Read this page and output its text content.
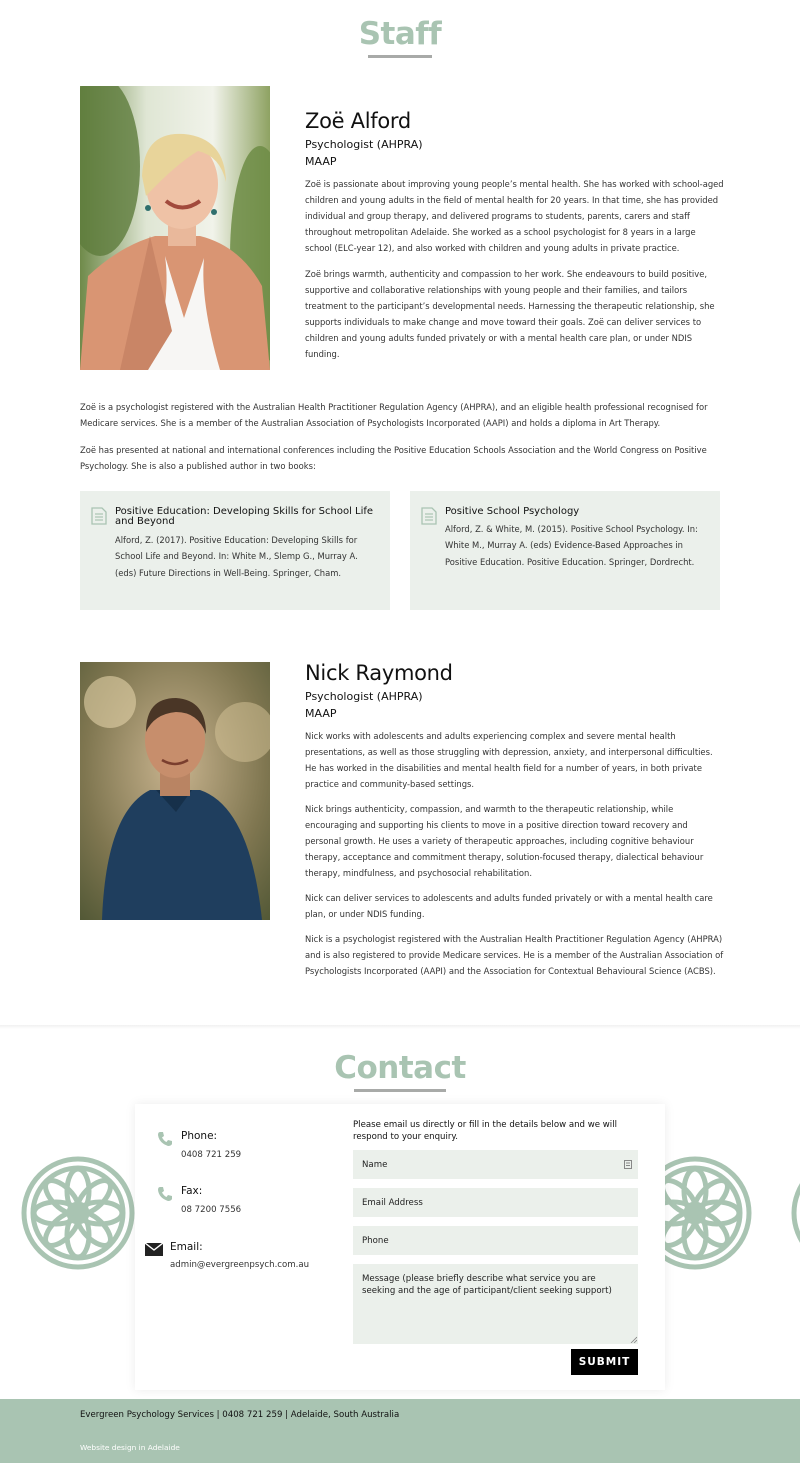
Staff
Zoë Alford
Psychologist (AHPRA)
MAAP
Zoë is passionate about improving young people’s mental health. She has worked with school-aged children and young adults in the field of mental health for 20 years. In that time, she has provided individual and group therapy, and delivered programs to students, parents, carers and staff throughout metropolitan Adelaide. She worked as a school psychologist for 8 years in a large school (ELC-year 12), and also worked with children and young adults in private practice.
Zoë brings warmth, authenticity and compassion to her work. She endeavours to build positive, supportive and collaborative relationships with young people and their families, and tailors treatment to the participant’s developmental needs. Harnessing the therapeutic relationship, she supports individuals to make change and move toward their goals. Zoë can deliver services to children and young adults funded privately or with a mental health care plan, or under NDIS funding.
Zoë is a psychologist registered with the Australian Health Practitioner Regulation Agency (AHPRA), and an eligible health professional recognised for Medicare services. She is a member of the Australian Association of Psychologists Incorporated (AAPI) and holds a diploma in Art Therapy.
Zoë has presented at national and international conferences including the Positive Education Schools Association and the World Congress on Positive Psychology. She is also a published author in two books:
Positive Education: Developing Skills for School Life and Beyond
Alford, Z. (2017). Positive Education: Developing Skills for School Life and Beyond. In: White M., Slemp G., Murray A. (eds) Future Directions in Well-Being. Springer, Cham.
Positive School Psychology
Alford, Z. & White, M. (2015). Positive School Psychology. In: White M., Murray A. (eds) Evidence-Based Approaches in Positive Education. Positive Education. Springer, Dordrecht.
Nick Raymond
Psychologist (AHPRA)
MAAP
Nick works with adolescents and adults experiencing complex and severe mental health presentations, as well as those struggling with depression, anxiety, and interpersonal difficulties. He has worked in the disabilities and mental health field for a number of years, in both private practice and community-based settings.
Nick brings authenticity, compassion, and warmth to the therapeutic relationship, while encouraging and supporting his clients to move in a positive direction toward recovery and personal growth. He uses a variety of therapeutic approaches, including cognitive behaviour therapy, acceptance and commitment therapy, solution-focused therapy, dialectical behaviour therapy, mindfulness, and psychosocial rehabilitation.
Nick can deliver services to adolescents and adults funded privately or with a mental health care plan, or under NDIS funding.
Nick is a psychologist registered with the Australian Health Practitioner Regulation Agency (AHPRA) and is also registered to provide Medicare services. He is a member of the Australian Association of Psychologists Incorporated (AAPI) and the Association for Contextual Behavioural Science (ACBS).
Contact
Phone:
0408 721 259
Fax:
08 7200 7556
Email:
admin@evergreenpsych.com.au
Please email us directly or fill in the details below and we will respond to your enquiry.
Name
Email Address
Phone
Message (please briefly describe what service you are seeking and the age of participant/client seeking support)
SUBMIT
Evergreen Psychology Services | 0408 721 259 | Adelaide, South Australia
Website design in Adelaide
